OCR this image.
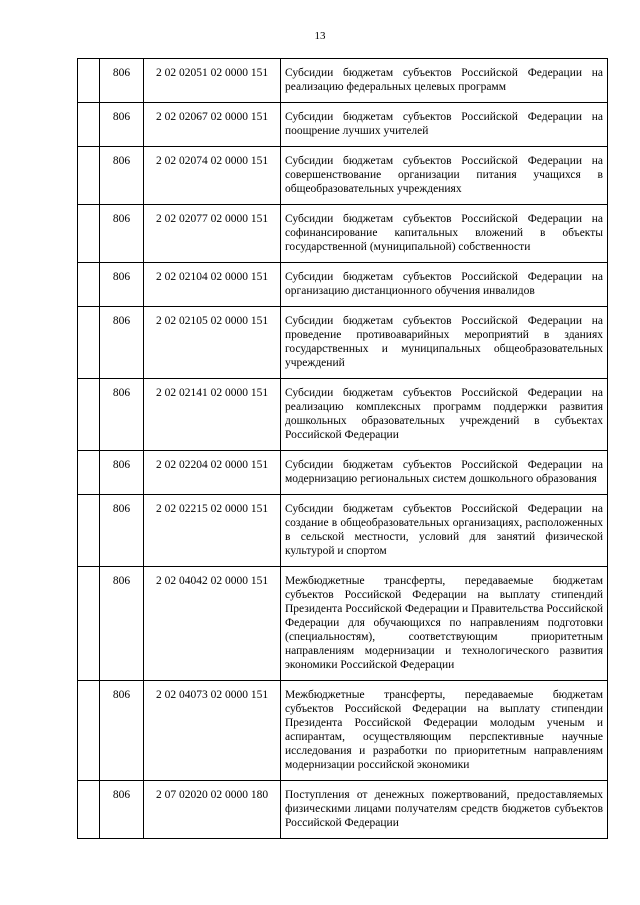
13
	806	2 02 02051 02 0000 151	Субсидии бюджетам субъектов Российской Федерации на реализацию федеральных целевых программ
	806	2 02 02067 02 0000 151	Субсидии бюджетам субъектов Российской Федерации на поощрение лучших учителей
	806	2 02 02074 02 0000 151	Субсидии бюджетам субъектов Российской Федерации на совершенствование организации питания учащихся в общеобразовательных учреждениях
	806	2 02 02077 02 0000 151	Субсидии бюджетам субъектов Российской Федерации на софинансирование капитальных вложений в объекты государственной (муниципальной) собственности
	806	2 02 02104 02 0000 151	Субсидии бюджетам субъектов Российской Федерации на организацию дистанционного обучения инвалидов
	806	2 02 02105 02 0000 151	Субсидии бюджетам субъектов Российской Федерации на проведение противоаварийных мероприятий в зданиях государственных и муниципальных общеобразовательных учреждений
	806	2 02 02141 02 0000 151	Субсидии бюджетам субъектов Российской Федерации на реализацию комплексных программ поддержки развития дошкольных образовательных учреждений в субъектах Российской Федерации
	806	2 02 02204 02 0000 151	Субсидии бюджетам субъектов Российской Федерации на модернизацию региональных систем дошкольного образования
	806	2 02 02215 02 0000 151	Субсидии бюджетам субъектов Российской Федерации на создание в общеобразовательных организациях, расположенных в сельской местности, условий для занятий физической культурой и спортом
	806	2 02 04042 02 0000 151	Межбюджетные трансферты, передаваемые бюджетам субъектов Российской Федерации на выплату стипендий Президента Российской Федерации и Правительства Российской Федерации для обучающихся по направлениям подготовки (специальностям), соответствующим приоритетным направлениям модернизации и технологического развития экономики Российской Федерации
	806	2 02 04073 02 0000 151	Межбюджетные трансферты, передаваемые бюджетам субъектов Российской Федерации на выплату стипендии Президента Российской Федерации молодым ученым и аспирантам, осуществляющим перспективные научные исследования и разработки по приоритетным направлениям модернизации российской экономики
	806	2 07 02020 02 0000 180	Поступления от денежных пожертвований, предоставляемых физическими лицами получателям средств бюджетов субъектов Российской Федерации
